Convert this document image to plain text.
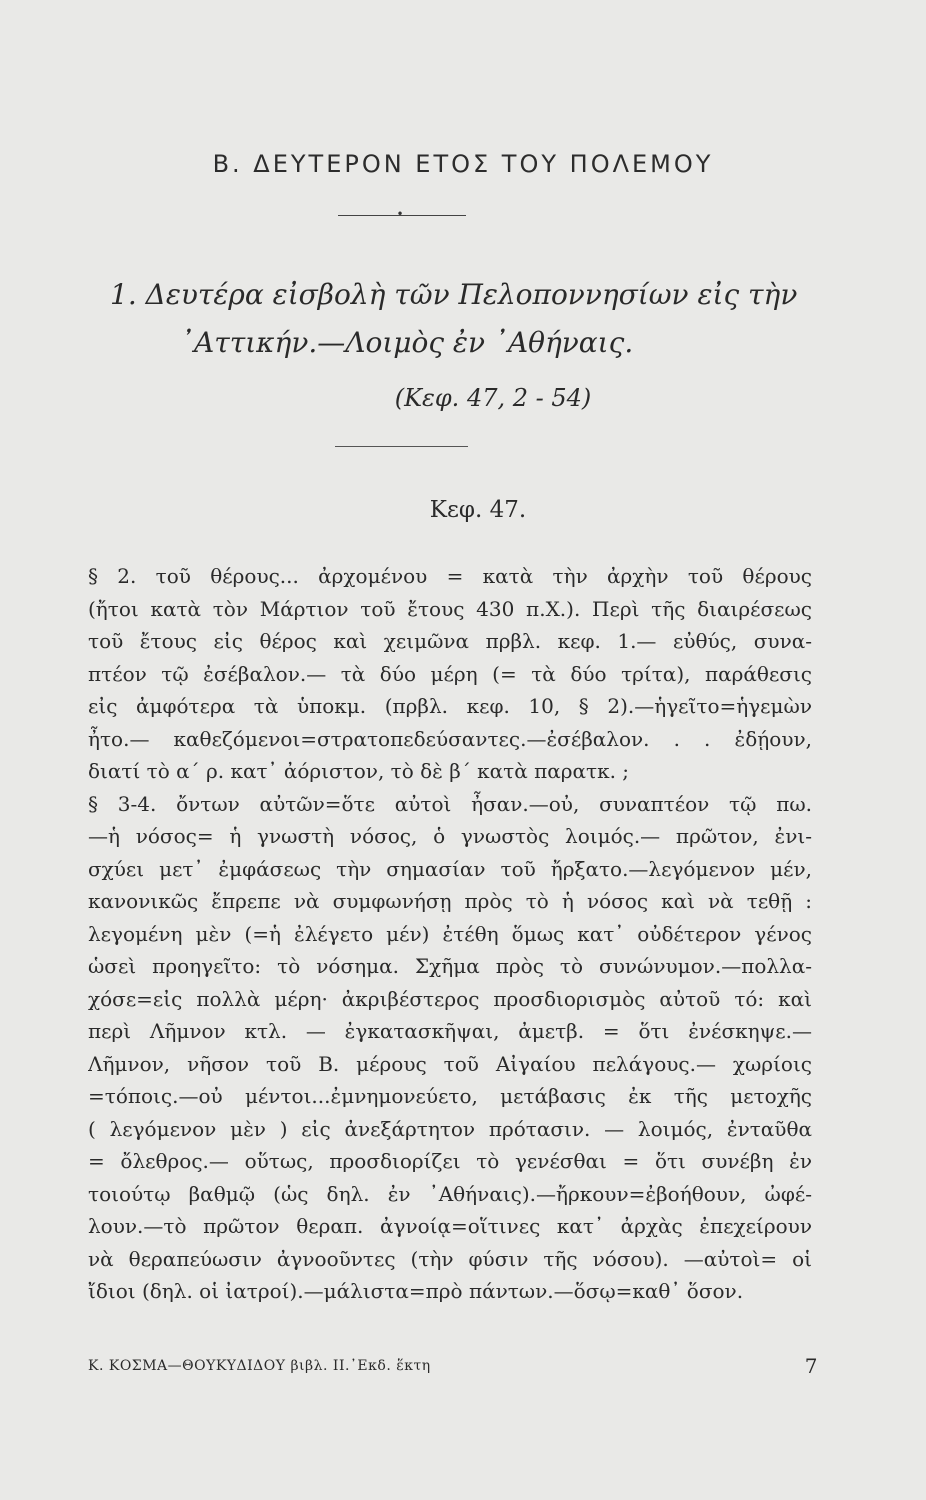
Β. ΔΕΥΤΕΡΟΝ ΕΤΟΣ ΤΟΥ ΠΟΛΕΜΟΥ
•
1. Δευτέρα εἰσβολὴ τῶν Πελοποννησίων εἰς τὴν
᾿Αττικήν.—Λοιμὸς ἐν ᾿Αθήναις.
(Κεφ. 47, 2 - 54)
Κεφ. 47.
§ 2. τοῦ θέρους... ἀρχομένου = κατὰ τὴν ἀρχὴν τοῦ θέρους
(ἤτοι κατὰ τὸν Μάρτιον τοῦ ἔτους 430 π.Χ.). Περὶ τῆς διαιρέσεως
τοῦ ἔτους εἰς θέρος καὶ χειμῶνα πρβλ. κεφ. 1.— εὐθύς, συνα-
πτέον τῷ ἐσέβαλον.— τὰ δύο μέρη (= τὰ δύο τρίτα), παράθεσις
εἰς ἀμφότερα τὰ ὑποκμ. (πρβλ. κεφ. 10, § 2).—ἡγεῖτο=ἡγεμὼν
ἦτο.— καθεζόμενοι=στρατοπεδεύσαντες.—ἐσέβαλον. . . ἐδῄουν,
διατί τὸ α΄ ρ. κατ᾽ ἀόριστον, τὸ δὲ β΄ κατὰ παρατκ. ;
§ 3-4. ὄντων αὐτῶν=ὅτε αὐτοὶ ἦσαν.—οὐ, συναπτέον τῷ πω.
—ἡ νόσος= ἡ γνωστὴ νόσος, ὁ γνωστὸς λοιμός.— πρῶτον, ἐνι-
σχύει μετ᾽ ἐμφάσεως τὴν σημασίαν τοῦ ἤρξατο.—λεγόμενον μέν,
κανονικῶς ἔπρεπε νὰ συμφωνήσῃ πρὸς τὸ ἡ νόσος καὶ νὰ τεθῇ :
λεγομένη μὲν (=ἡ ἐλέγετο μέν) ἐτέθη ὅμως κατ᾽ οὐδέτερον γένος
ὡσεὶ προηγεῖτο: τὸ νόσημα. Σχῆμα πρὸς τὸ συνώνυμον.—πολλα-
χόσε=εἰς πολλὰ μέρη· ἀκριβέστερος προσδιορισμὸς αὐτοῦ τό: καὶ
περὶ Λῆμνον κτλ. — ἐγκατασκῆψαι, ἀμετβ. = ὅτι ἐνέσκηψε.—
Λῆμνον, νῆσον τοῦ Β. μέρους τοῦ Αἰγαίου πελάγους.— χωρίοις
=τόποις.—οὐ μέντοι...ἐμνημονεύετο, μετάβασις ἐκ τῆς μετοχῆς
( λεγόμενον μὲν ) εἰς ἀνεξάρτητον πρότασιν. — λοιμός, ἐνταῦθα
= ὄλεθρος.— οὕτως, προσδιορίζει τὸ γενέσθαι = ὅτι συνέβη ἐν
τοιούτῳ βαθμῷ (ὡς δηλ. ἐν ᾿Αθήναις).—ἤρκουν=ἐβοήθουν, ὠφέ-
λουν.—τὸ πρῶτον θεραπ. ἀγνοίᾳ=οἵτινες κατ᾽ ἀρχὰς ἐπεχείρουν
νὰ θεραπεύωσιν ἀγνοοῦντες (τὴν φύσιν τῆς νόσου). —αὐτοὶ= οἱ
ἴδιοι (δηλ. οἱ ἰατροί).—μάλιστα=πρὸ πάντων.—ὅσῳ=καθ᾽ ὅσον.
Κ. ΚΟΣΜΑ—ΘΟΥΚΥΔΙΔΟΥ βιβλ. ΙΙ.᾿Εκδ. ἕκτη	7
